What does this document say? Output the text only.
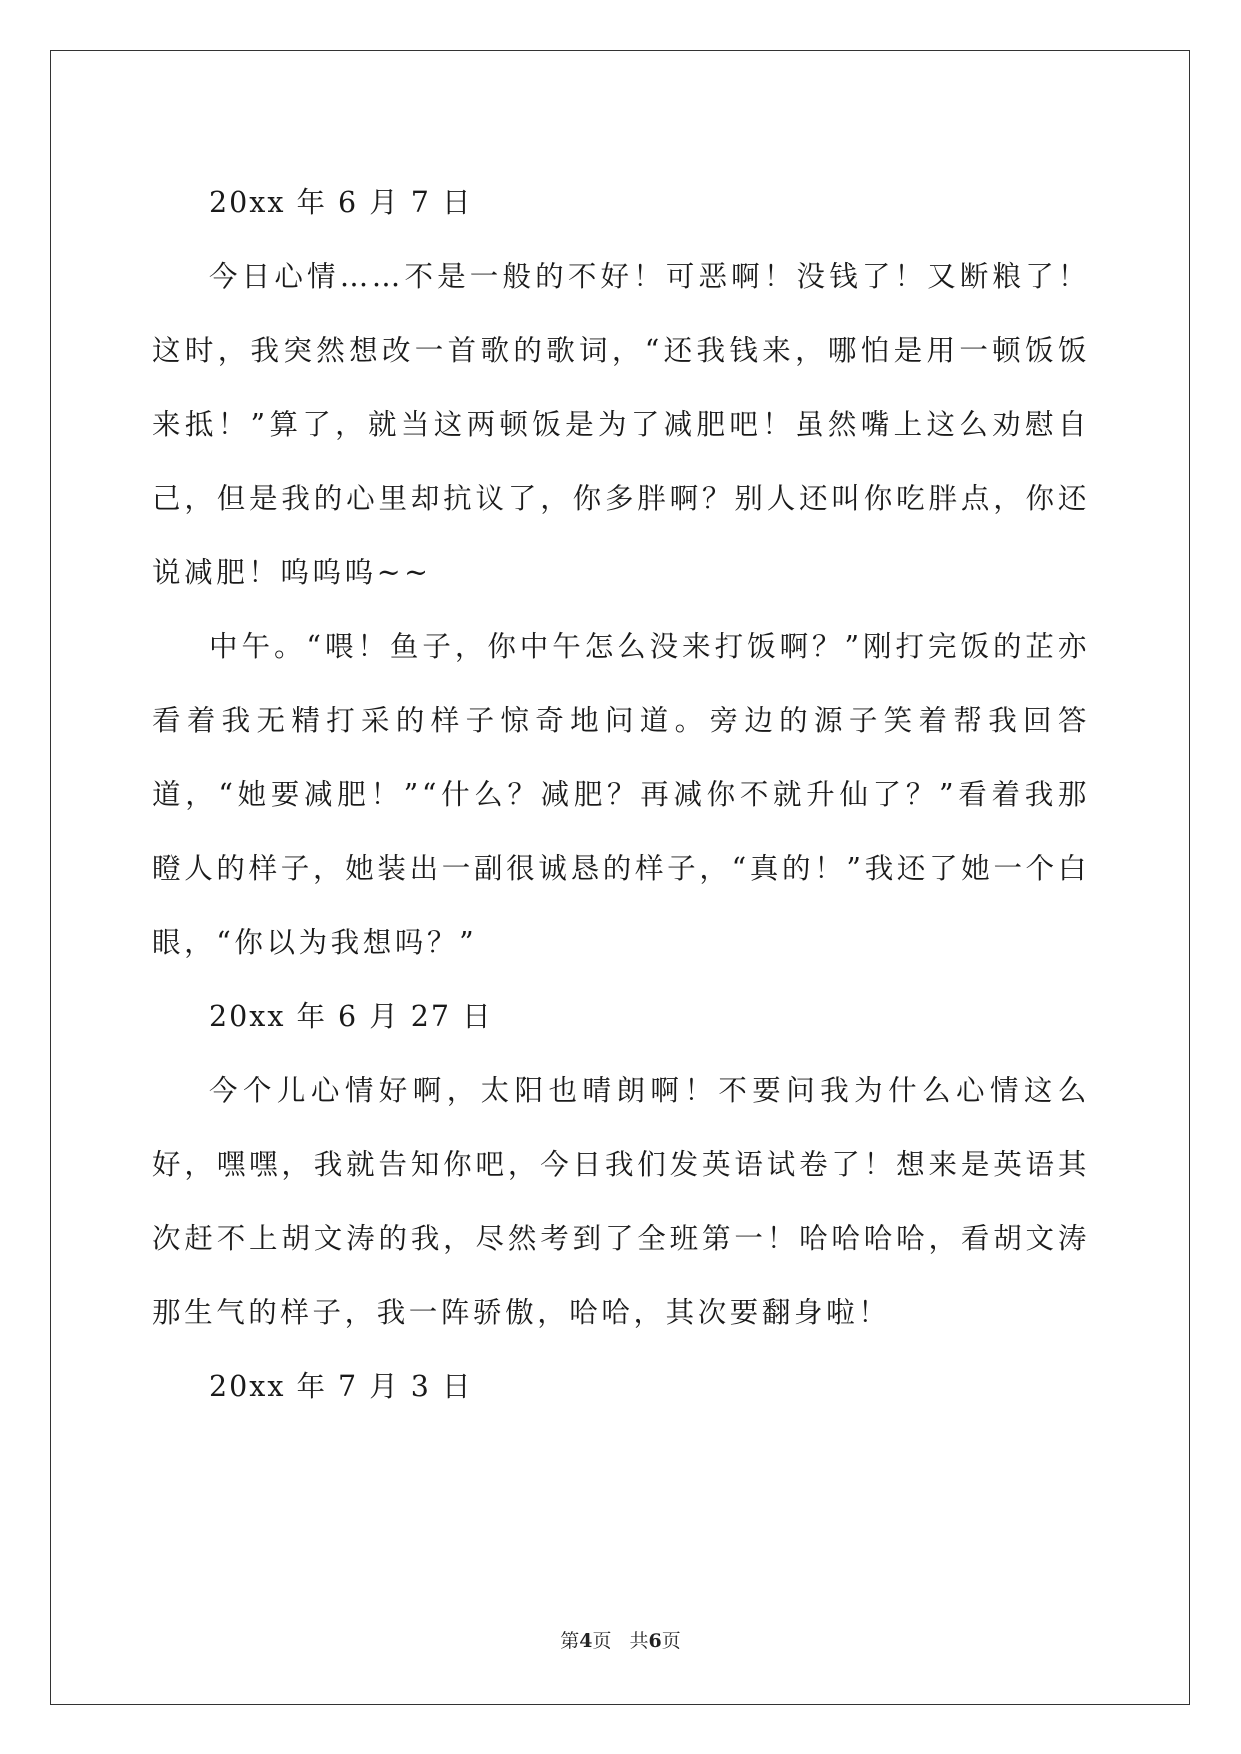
20xx 年 6 月 7 日

今日心情……不是一般的不好！可恶啊！没钱了！又断粮了！这时，我突然想改一首歌的歌词，“还我钱来，哪怕是用一顿饭饭来抵！”算了，就当这两顿饭是为了减肥吧！虽然嘴上这么劝慰自己，但是我的心里却抗议了，你多胖啊？别人还叫你吃胖点，你还说减肥！呜呜呜~~

中午。“喂！鱼子，你中午怎么没来打饭啊？”刚打完饭的芷亦看着我无精打采的样子惊奇地问道。旁边的源子笑着帮我回答道，“她要减肥！”“什么？减肥？再减你不就升仙了？”看着我那瞪人的样子，她装出一副很诚恳的样子，“真的！”我还了她一个白眼，“你以为我想吗？”

20xx 年 6 月 27 日

今个儿心情好啊，太阳也晴朗啊！不要问我为什么心情这么好，嘿嘿，我就告知你吧，今日我们发英语试卷了！想来是英语其次赶不上胡文涛的我，尽然考到了全班第一！哈哈哈哈，看胡文涛那生气的样子，我一阵骄傲，哈哈，其次要翻身啦！

20xx 年 7 月 3 日

第4页 共6页
